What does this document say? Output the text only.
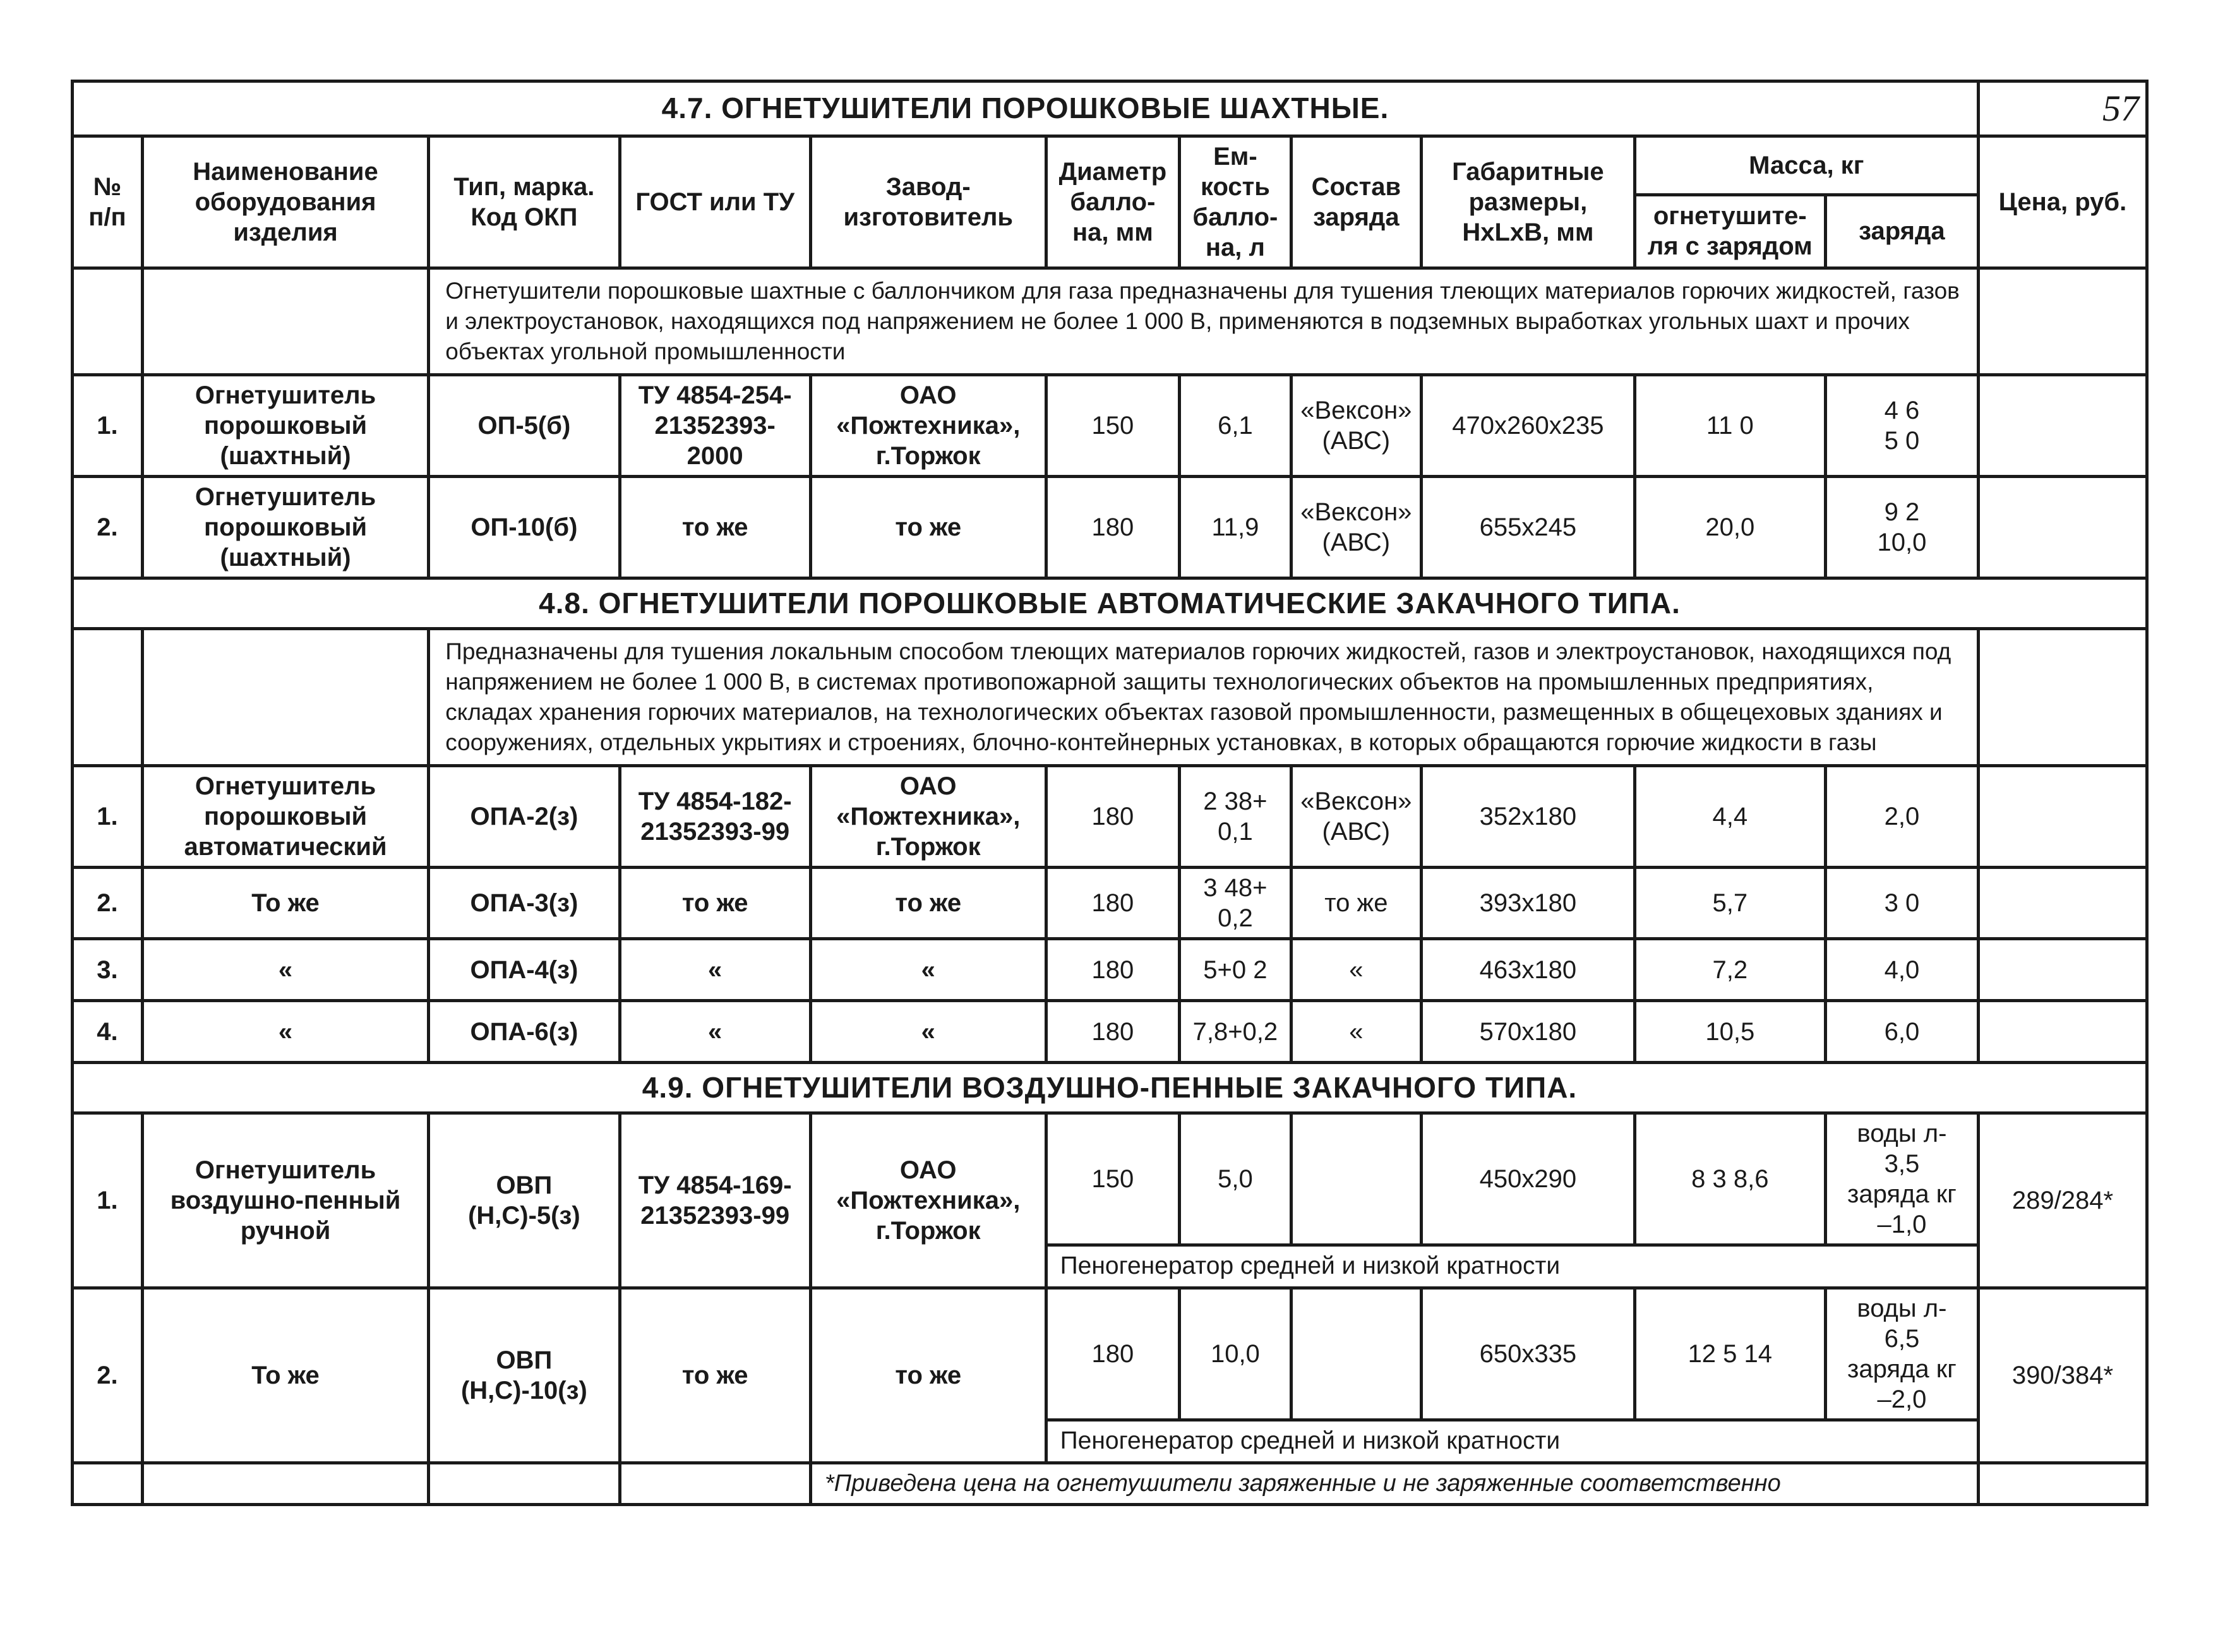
4.7. ОГНЕТУШИТЕЛИ ПОРОШКОВЫЕ ШАХТНЫЕ.											57
№ п/п	Наименование оборудования изделия	Тип, марка. Код ОКП	ГОСТ или ТУ	Завод-изготовитель	Диаметр балло-на, мм	Ем-кость балло-на, л	Состав заряда	Габаритные размеры, HxLxB, мм	Масса, кг		Цена, руб.
									огнетушите-ля с зарядом	заряда	
		Огнетушители порошковые шахтные с баллончиком для газа предназначены для тушения тлеющих материалов горючих жидкостей, газов и электроустановок, находящихся под напряжением не более 1 000 В, применяются в подземных выработках угольных шахт и прочих объектах угольной промышленности									
1.	Огнетушитель порошковый (шахтный)	ОП-5(б)	ТУ 4854-254-21352393-2000	ОАО «Пожтехника», г.Торжок	150	6,1	«Вексон» (АВС)	470х260х235	11 0	4 6
5 0	
2.	Огнетушитель порошковый (шахтный)	ОП-10(б)	то же	то же	180	11,9	«Вексон» (АВС)	655х245	20,0	9 2
10,0	
4.8. ОГНЕТУШИТЕЛИ ПОРОШКОВЫЕ АВТОМАТИЧЕСКИЕ ЗАКАЧНОГО ТИПА.											
		Предназначены для тушения локальным способом тлеющих материалов горючих жидкостей, газов и электроустановок, находящихся под напряжением не более 1 000 В, в системах противопожарной защиты технологических объектов на промышленных предприятиях, складах хранения горючих материалов, на технологических объектах газовой промышленности, размещенных в общецеховых зданиях и сооружениях, отдельных укрытиях и строениях, блочно-контейнерных установках, в которых обращаются горючие жидкости в газы									
1.	Огнетушитель порошковый автоматический	ОПА-2(з)	ТУ 4854-182-21352393-99	ОАО «Пожтехника», г.Торжок	180	2 38+ 0,1	«Вексон» (АВС)	352х180	4,4	2,0	
2.	То же	ОПА-3(з)	то же	то же	180	3 48+ 0,2	то же	393х180	5,7	3 0	
3.	«	ОПА-4(з)	«	«	180	5+0 2	«	463х180	7,2	4,0	
4.	«	ОПА-6(з)	«	«	180	7,8+0,2	«	570х180	10,5	6,0	
4.9. ОГНЕТУШИТЕЛИ ВОЗДУШНО-ПЕННЫЕ ЗАКАЧНОГО ТИПА.											
1.	Огнетушитель воздушно-пенный ручной	ОВП (Н,С)-5(з)	ТУ 4854-169-21352393-99	ОАО «Пожтехника», г.Торжок	150	5,0		450х290	8 3 8,6	воды л-
3,5
заряда кг
–1,0	289/284*
					Пеногенератор средней и низкой кратности						
2.	То же	ОВП (Н,С)-10(з)	то же	то же	180	10,0		650х335	12 5 14	воды л-
6,5
заряда кг
–2,0	390/384*
					Пеногенератор средней и низкой кратности						
				*Приведена цена на огнетушители заряженные и не заряженные соответственно							
